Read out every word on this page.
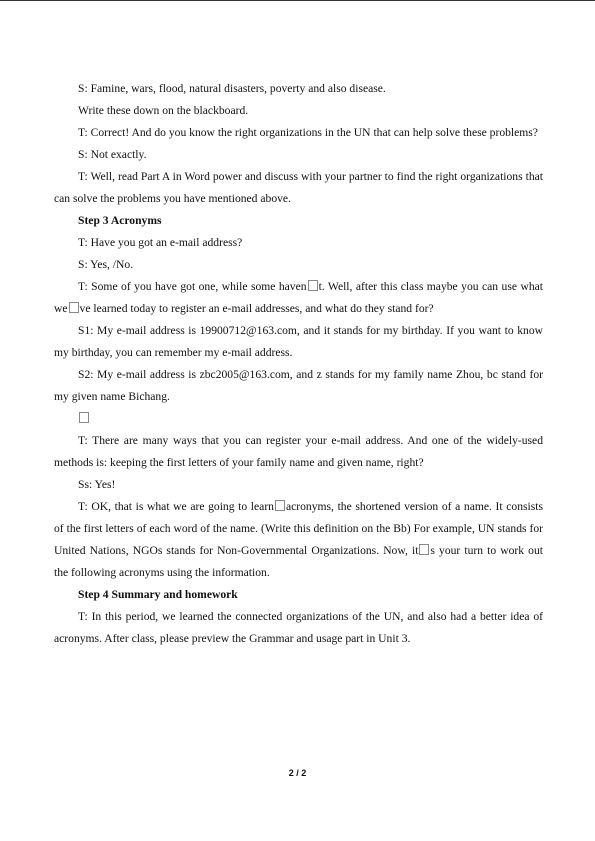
S: Famine, wars, flood, natural disasters, poverty and also disease.

Write these down on the blackboard.

T: Correct! And do you know the right organizations in the UN that can help solve these problems?

S: Not exactly.

T: Well, read Part A in Word power and discuss with your partner to find the right organizations that can solve the problems you have mentioned above.

Step 3 Acronyms

T: Have you got an e-mail address?

S: Yes, /No.

T: Some of you have got one, while some haven t. Well, after this class maybe you can use what we ve learned today to register an e-mail addresses, and what do they stand for?

S1: My e-mail address is 19900712@163.com, and it stands for my birthday. If you want to know my birthday, you can remember my e-mail address.

S2: My e-mail address is zbc2005@163.com, and z stands for my family name Zhou, bc stand for my given name Bichang.

T: There are many ways that you can register your e-mail address. And one of the widely-used methods is: keeping the first letters of your family name and given name, right?

Ss: Yes!

T: OK, that is what we are going to learn acronyms, the shortened version of a name. It consists of the first letters of each word of the name. (Write this definition on the Bb) For example, UN stands for United Nations, NGOs stands for Non-Governmental Organizations. Now, it s your turn to work out the following acronyms using the information.

Step 4 Summary and homework

T: In this period, we learned the connected organizations of the UN, and also had a better idea of acronyms. After class, please preview the Grammar and usage part in Unit 3.

2 / 2
